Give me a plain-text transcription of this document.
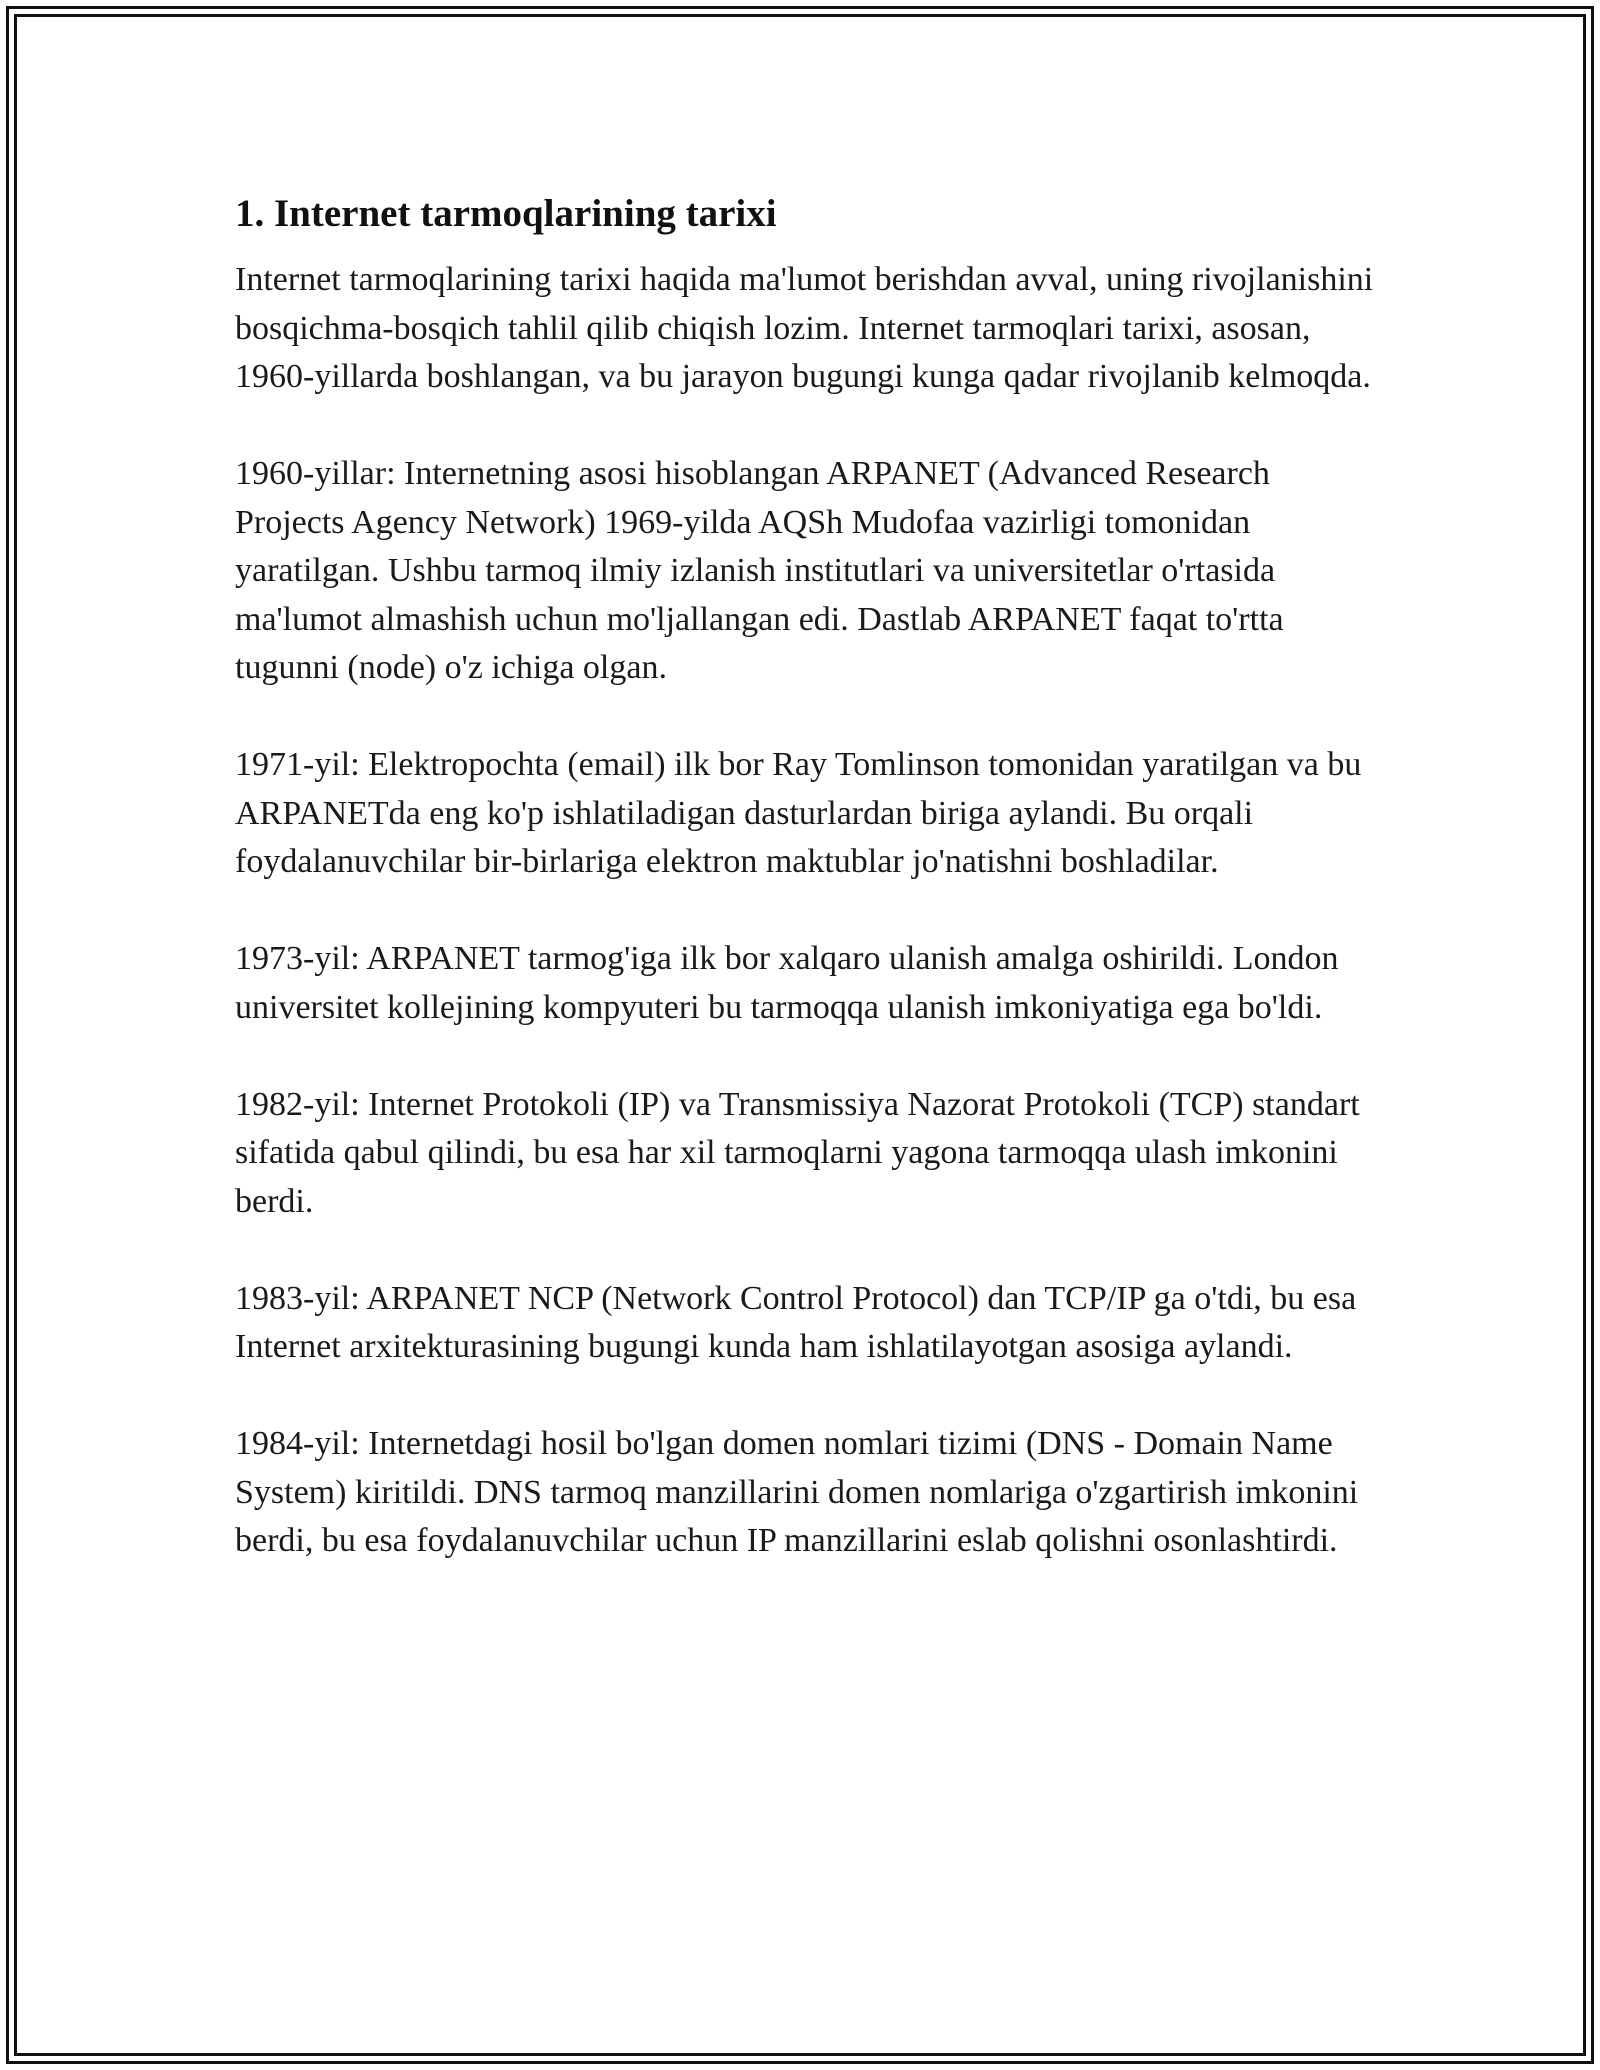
1. Internet tarmoqlarining tarixi

Internet tarmoqlarining tarixi haqida ma'lumot berishdan avval, uning rivojlanishini bosqichma-bosqich tahlil qilib chiqish lozim. Internet tarmoqlari tarixi, asosan, 1960-yillarda boshlangan, va bu jarayon bugungi kunga qadar rivojlanib kelmoqda.

1960-yillar: Internetning asosi hisoblangan ARPANET (Advanced Research Projects Agency Network) 1969-yilda AQSh Mudofaa vazirligi tomonidan yaratilgan. Ushbu tarmoq ilmiy izlanish institutlari va universitetlar o'rtasida ma'lumot almashish uchun mo'ljallangan edi. Dastlab ARPANET faqat to'rtta tugunni (node) o'z ichiga olgan.

1971-yil: Elektropochta (email) ilk bor Ray Tomlinson tomonidan yaratilgan va bu ARPANETda eng ko'p ishlatiladigan dasturlardan biriga aylandi. Bu orqali foydalanuvchilar bir-birlariga elektron maktublar jo'natishni boshladilar.

1973-yil: ARPANET tarmog'iga ilk bor xalqaro ulanish amalga oshirildi. London universitet kollejining kompyuteri bu tarmoqqa ulanish imkoniyatiga ega bo'ldi.

1982-yil: Internet Protokoli (IP) va Transmissiya Nazorat Protokoli (TCP) standart sifatida qabul qilindi, bu esa har xil tarmoqlarni yagona tarmoqqa ulash imkonini berdi.

1983-yil: ARPANET NCP (Network Control Protocol) dan TCP/IP ga o'tdi, bu esa Internet arxitekturasining bugungi kunda ham ishlatilayotgan asosiga aylandi.

1984-yil: Internetdagi hosil bo'lgan domen nomlari tizimi (DNS - Domain Name System) kiritildi. DNS tarmoq manzillarini domen nomlariga o'zgartirish imkonini berdi, bu esa foydalanuvchilar uchun IP manzillarini eslab qolishni osonlashtirdi.
